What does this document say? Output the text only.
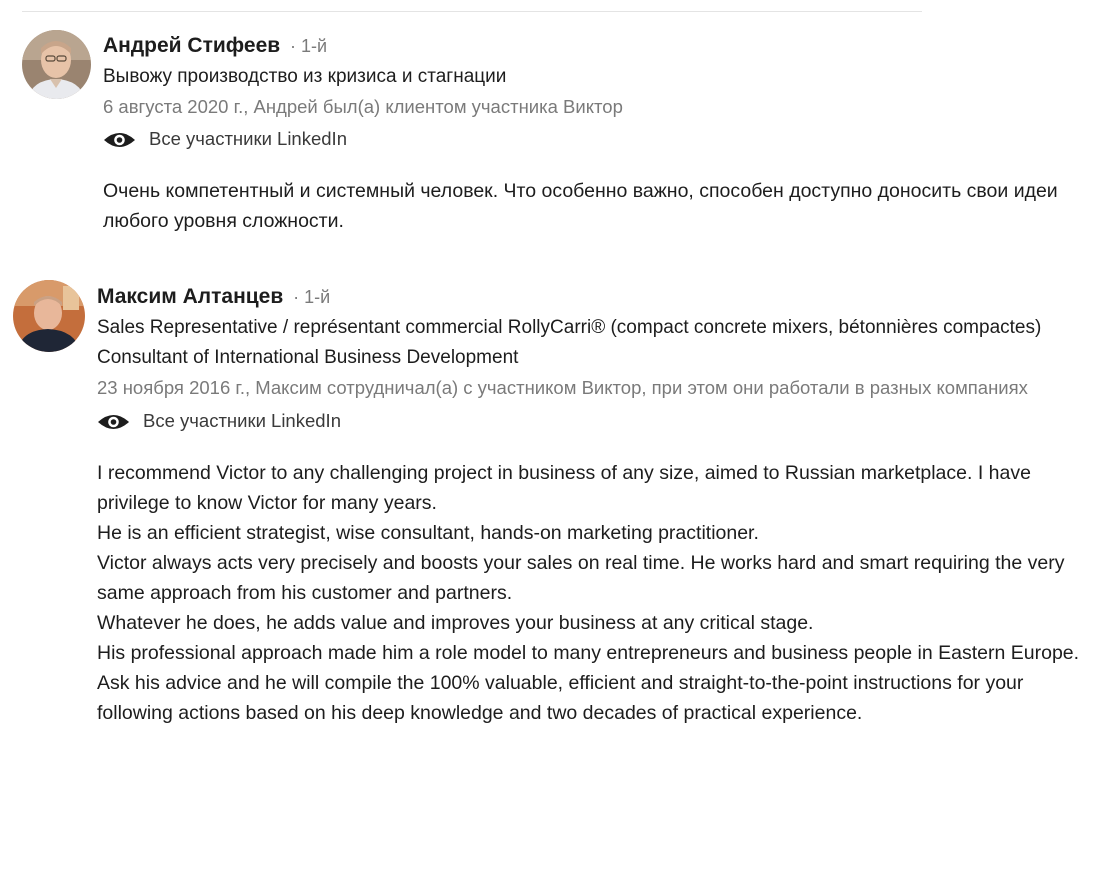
Андрей Стифеев · 1-й
Вывожу производство из кризиса и стагнации
6 августа 2020 г., Андрей был(а) клиентом участника Виктор
Все участники LinkedIn

Очень компетентный и системный человек. Что особенно важно, способен доступно доносить свои идеи любого уровня сложности.

Максим Алтанцев · 1-й
Sales Representative / représentant commercial RollyCarri® (compact concrete mixers, bétonnières compactes) Consultant of International Business Development
23 ноября 2016 г., Максим сотрудничал(а) с участником Виктор, при этом они работали в разных компаниях
Все участники LinkedIn

I recommend Victor to any challenging project in business of any size, aimed to Russian marketplace. I have privilege to know Victor for many years.

He is an efficient strategist, wise consultant, hands-on marketing practitioner.

Victor always acts very precisely and boosts your sales on real time. He works hard and smart requiring the very same approach from his customer and partners.

Whatever he does, he adds value and improves your business at any critical stage.

His professional approach made him a role model to many entrepreneurs and business people in Eastern Europe.

Ask his advice and he will compile the 100% valuable, efficient and straight-to-the-point instructions for your following actions based on his deep knowledge and two decades of practical experience.
